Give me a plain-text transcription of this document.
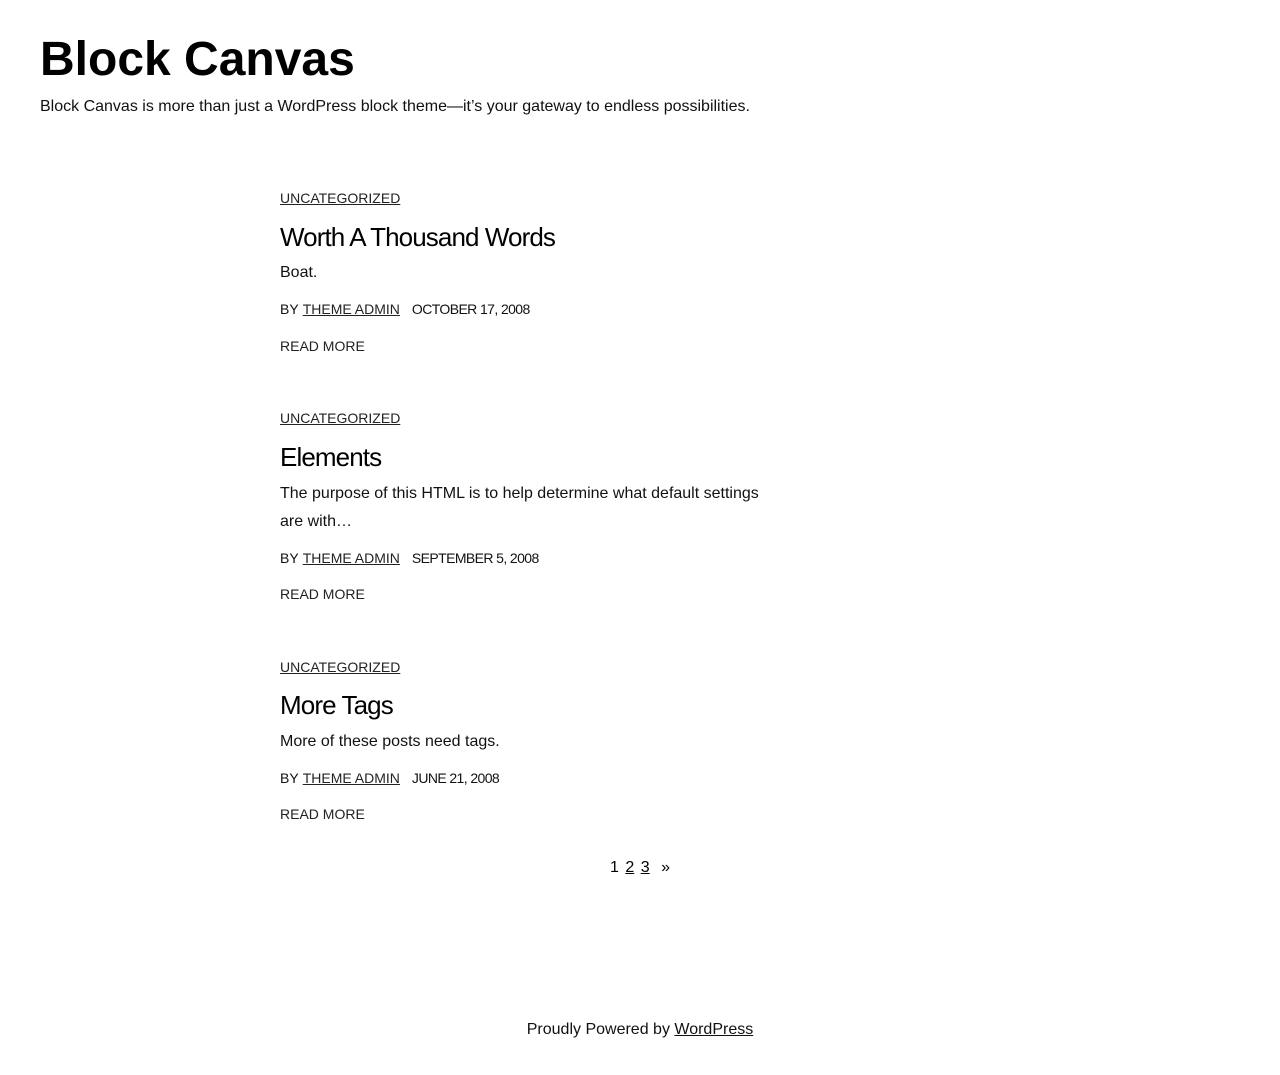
Block Canvas

Block Canvas is more than just a WordPress block theme—it’s your gateway to endless possibilities.

UNCATEGORIZED
Worth A Thousand Words

Boat.

BY THEME ADMIN OCTOBER 17, 2008
READ MORE
UNCATEGORIZED
Elements

The purpose of this HTML is to help determine what default settings are with…

BY THEME ADMIN SEPTEMBER 5, 2008
READ MORE
UNCATEGORIZED
More Tags

More of these posts need tags.

BY THEME ADMIN JUNE 21, 2008
READ MORE
1 2 3 »
Proudly Powered by WordPress
